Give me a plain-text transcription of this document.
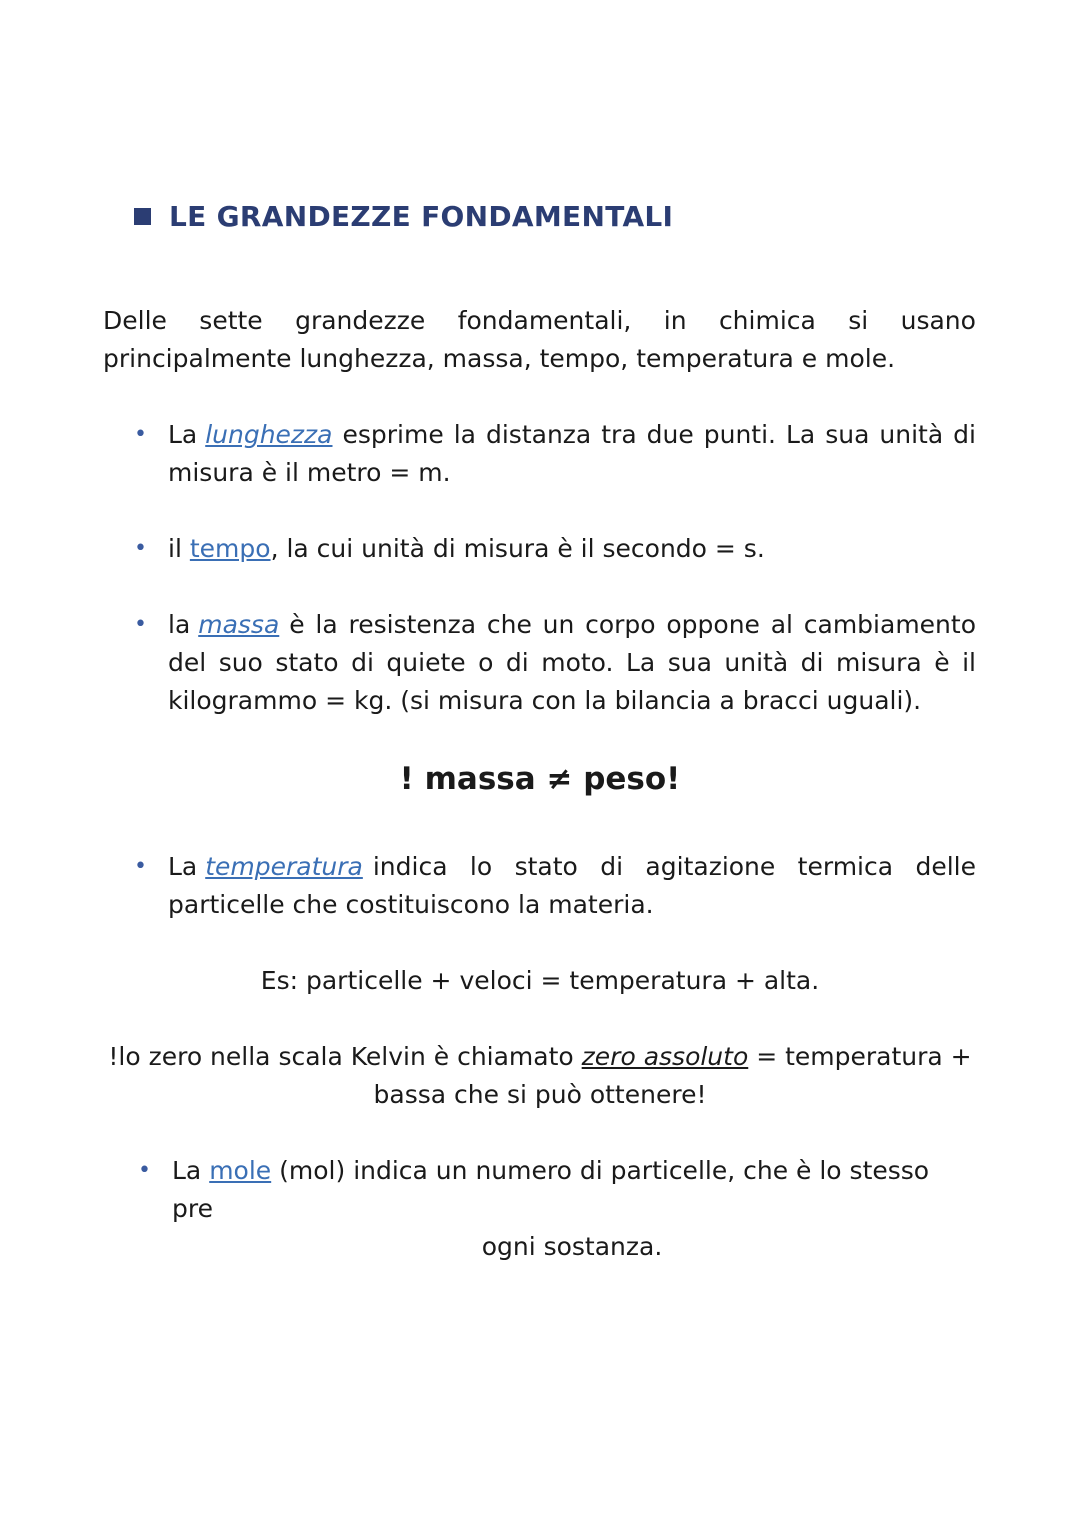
LE GRANDEZZE FONDAMENTALI
Delle sette grandezze fondamentali, in chimica si usano
principalmente lunghezza, massa, tempo, temperatura e mole.
• La lunghezza esprime la distanza tra due punti. La sua unità di
misura è il metro = m.
• il tempo, la cui unità di misura è il secondo = s.
• la massa è la resistenza che un corpo oppone al cambiamento
del suo stato di quiete o di moto. La sua unità di misura è il
kilogrammo = kg. (si misura con la bilancia a bracci uguali).
! massa ≠ peso!
• La temperatura indica lo stato di agitazione termica delle
particelle che costituiscono la materia.
Es: particelle + veloci = temperatura + alta.
!lo zero nella scala Kelvin è chiamato zero assoluto = temperatura +
bassa che si può ottenere!
• La mole (mol) indica un numero di particelle, che è lo stesso pre
ogni sostanza.
